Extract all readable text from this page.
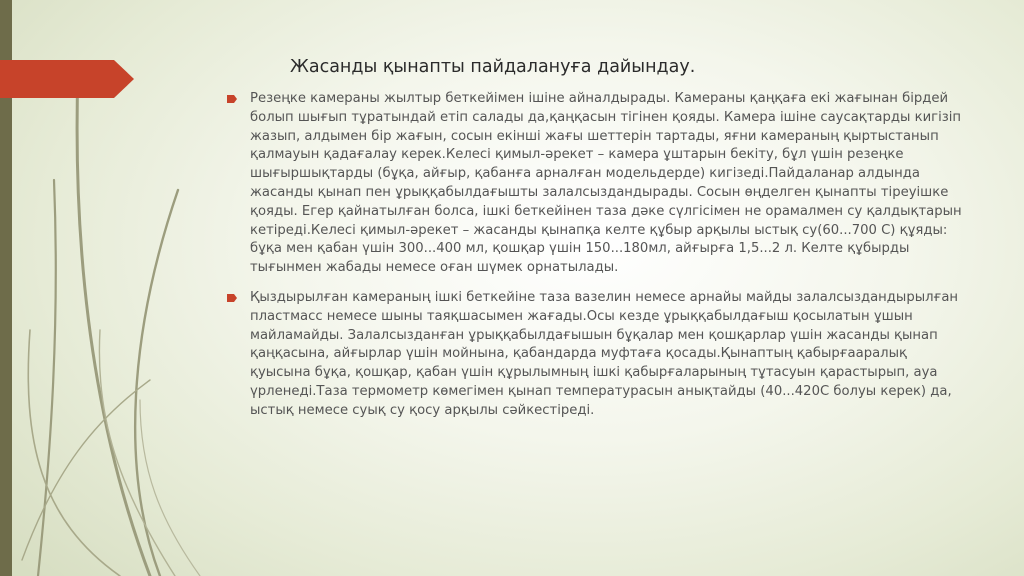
Жасанды қынапты пайдалануға дайындау.
Резеңке камераны жылтыр беткейімен ішіне айналдырады. Камераны қаңқаға екі жағынан бірдей болып шығып тұратындай етіп салады да,қаңқасын тігінен қояды. Камера ішіне саусақтарды кигізіп жазып, алдымен бір жағын, сосын екінші жағы шеттерін тартады, яғни камераның қыртыстанып қалмауын қадағалау керек.Келесі қимыл-әрекет – камера ұштарын бекіту, бұл үшін резеңке шығыршықтарды (бұқа, айғыр, қабанға арналған модельдерде) кигізеді.Пайдаланар алдында жасанды қынап пен ұрыққабылдағышты залалсыздандырады. Сосын өңделген қынапты тіреуішке қояды. Егер қайнатылған болса, ішкі беткейінен таза дәке сүлгісімен не орамалмен су қалдықтарын кетіреді.Келесі қимыл-әрекет – жасанды қынапқа келте құбыр арқылы ыстық су(60...700 С) құяды: бұқа мен қабан үшін 300...400 мл, қошқар үшін 150...180мл, айғырға 1,5...2 л. Келте құбырды тығынмен жабады немесе оған шүмек орнатылады.
Қыздырылған камераның ішкі беткейіне таза вазелин немесе арнайы майды залалсыздандырылған пластмасс немесе шыны таяқшасымен жағады.Осы кезде ұрыққабылдағыш қосылатын ұшын майламайды. Залалсызданған ұрыққабылдағышын бұқалар мен қошқарлар үшін жасанды қынап қаңқасына, айғырлар үшін мойнына, қабандарда муфтаға қосады.Қынаптың қабырғааралық қуысына бұқа, қошқар, қабан үшін құрылымның ішкі қабырғаларының тұтасуын қарастырып, ауа үрленеді.Таза термометр көмегімен қынап температурасын анықтайды (40...420С болуы керек) да, ыстық немесе суық су қосу арқылы сәйкестіреді.
